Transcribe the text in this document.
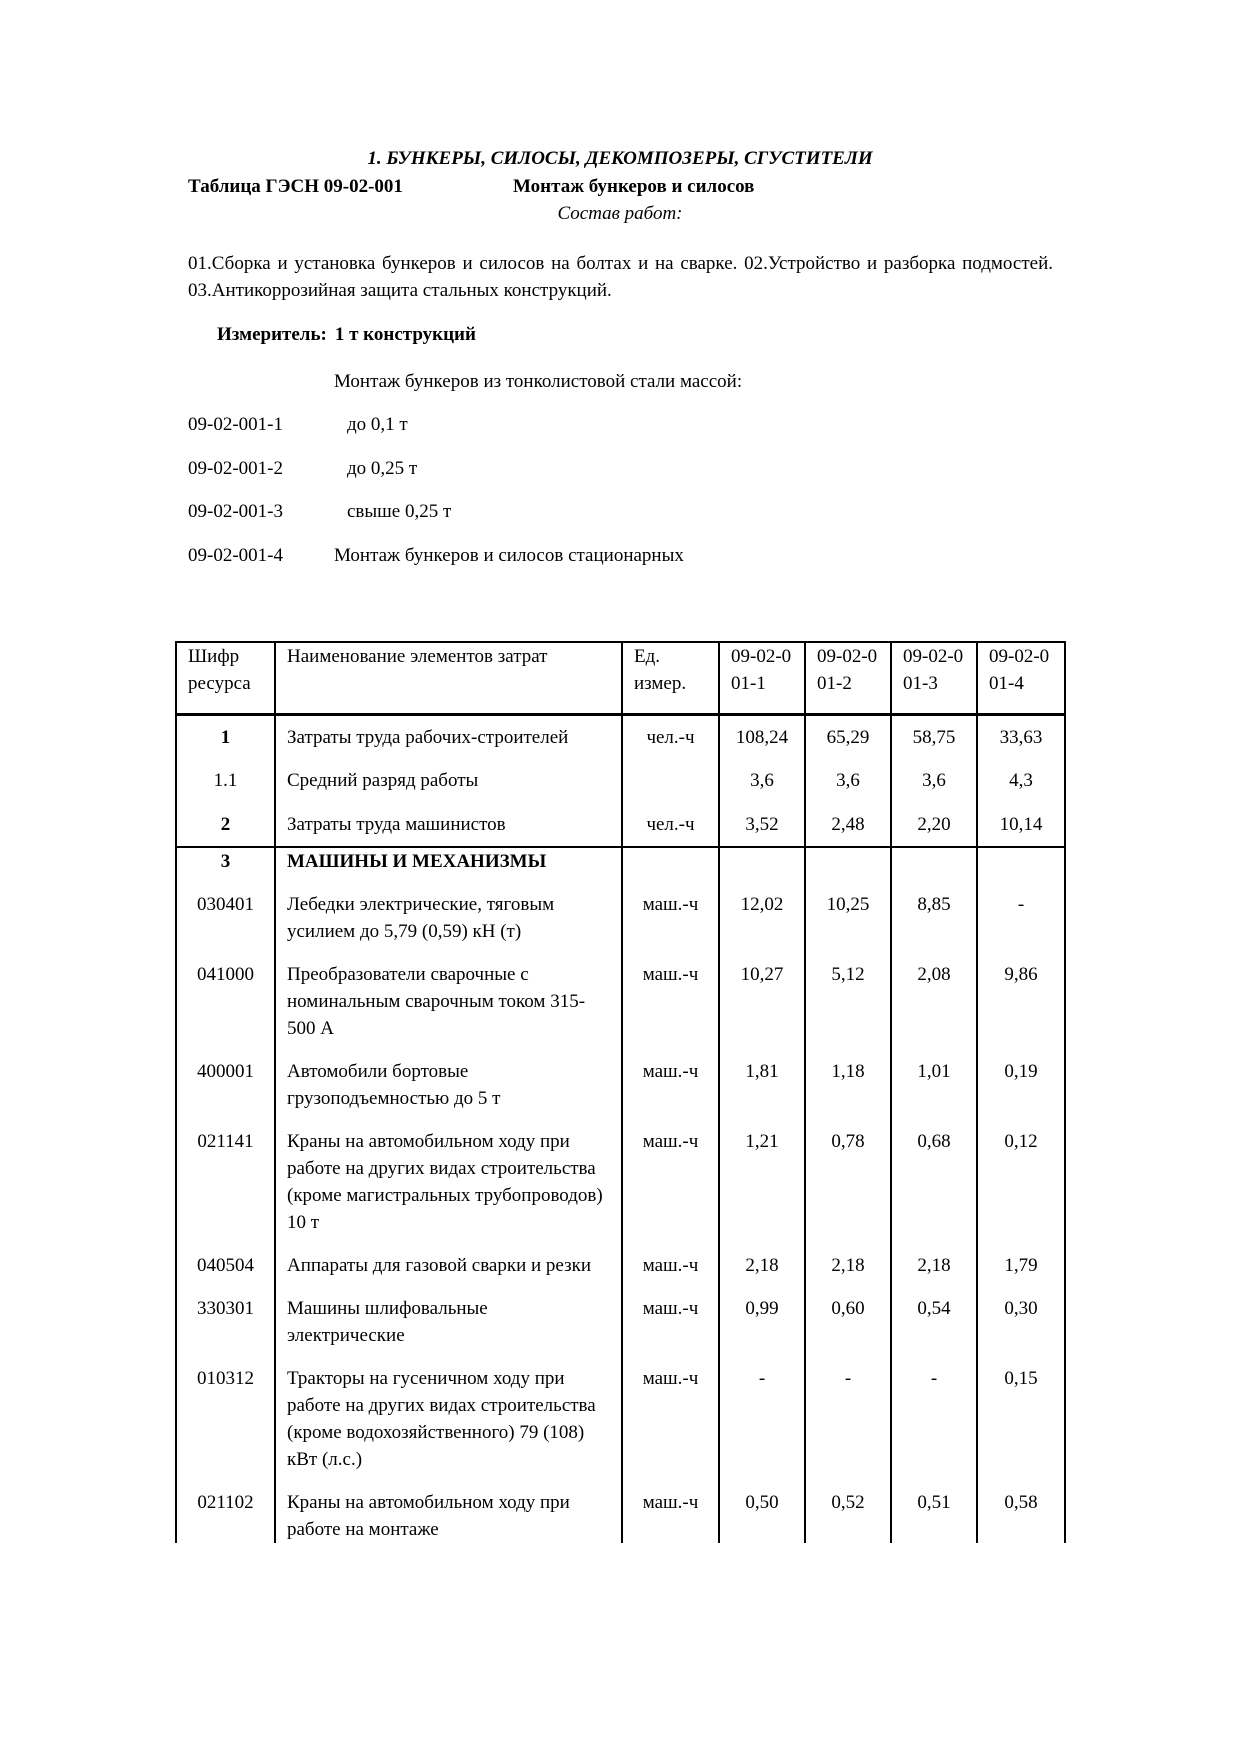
1. БУНКЕРЫ, СИЛОСЫ, ДЕКОМПОЗЕРЫ, СГУСТИТЕЛИ
Таблица ГЭСН 09-02-001	Монтаж бункеров и силосов
Состав работ:
01.Сборка и установка бункеров и силосов на болтах и на сварке. 02.Устройство и разборка подмостей. 03.Антикоррозийная защита стальных конструкций.
Измеритель: 1 т конструкций
Монтаж бункеров из тонколистовой стали массой:
09-02-001-1	до 0,1 т
09-02-001-2	до 0,25 т
09-02-001-3	свыше 0,25 т
09-02-001-4	Монтаж бункеров и силосов стационарных
Шифр ресурса	Наименование элементов затрат	Ед. измер.	09-02-001-1	09-02-001-2	09-02-001-3	09-02-001-4
1	Затраты труда рабочих-строителей	чел.-ч	108,24	65,29	58,75	33,63
1.1	Средний разряд работы		3,6	3,6	3,6	4,3
2	Затраты труда машинистов	чел.-ч	3,52	2,48	2,20	10,14
3	МАШИНЫ И МЕХАНИЗМЫ					

030401	Лебедки электрические, тяговым усилием до 5,79 (0,59) кН (т)	маш.-ч	12,02	10,25	8,85	-

041000	Преобразователи сварочные с номинальным сварочным током 315-500 А	маш.-ч	10,27	5,12	2,08	9,86

400001	Автомобили бортовые грузоподъемностью до 5 т	маш.-ч	1,81	1,18	1,01	0,19

021141	Краны на автомобильном ходу при работе на других видах строительства (кроме магистральных трубопроводов) 10 т	маш.-ч	1,21	0,78	0,68	0,12

040504	Аппараты для газовой сварки и резки	маш.-ч	2,18	2,18	2,18	1,79

330301	Машины шлифовальные электрические	маш.-ч	0,99	0,60	0,54	0,30

010312	Тракторы на гусеничном ходу при работе на других видах строительства (кроме водохозяйственного) 79 (108) кВт (л.с.)	маш.-ч	-	-	-	0,15

021102	Краны на автомобильном ходу при работе на монтаже	маш.-ч	0,50	0,52	0,51	0,58
